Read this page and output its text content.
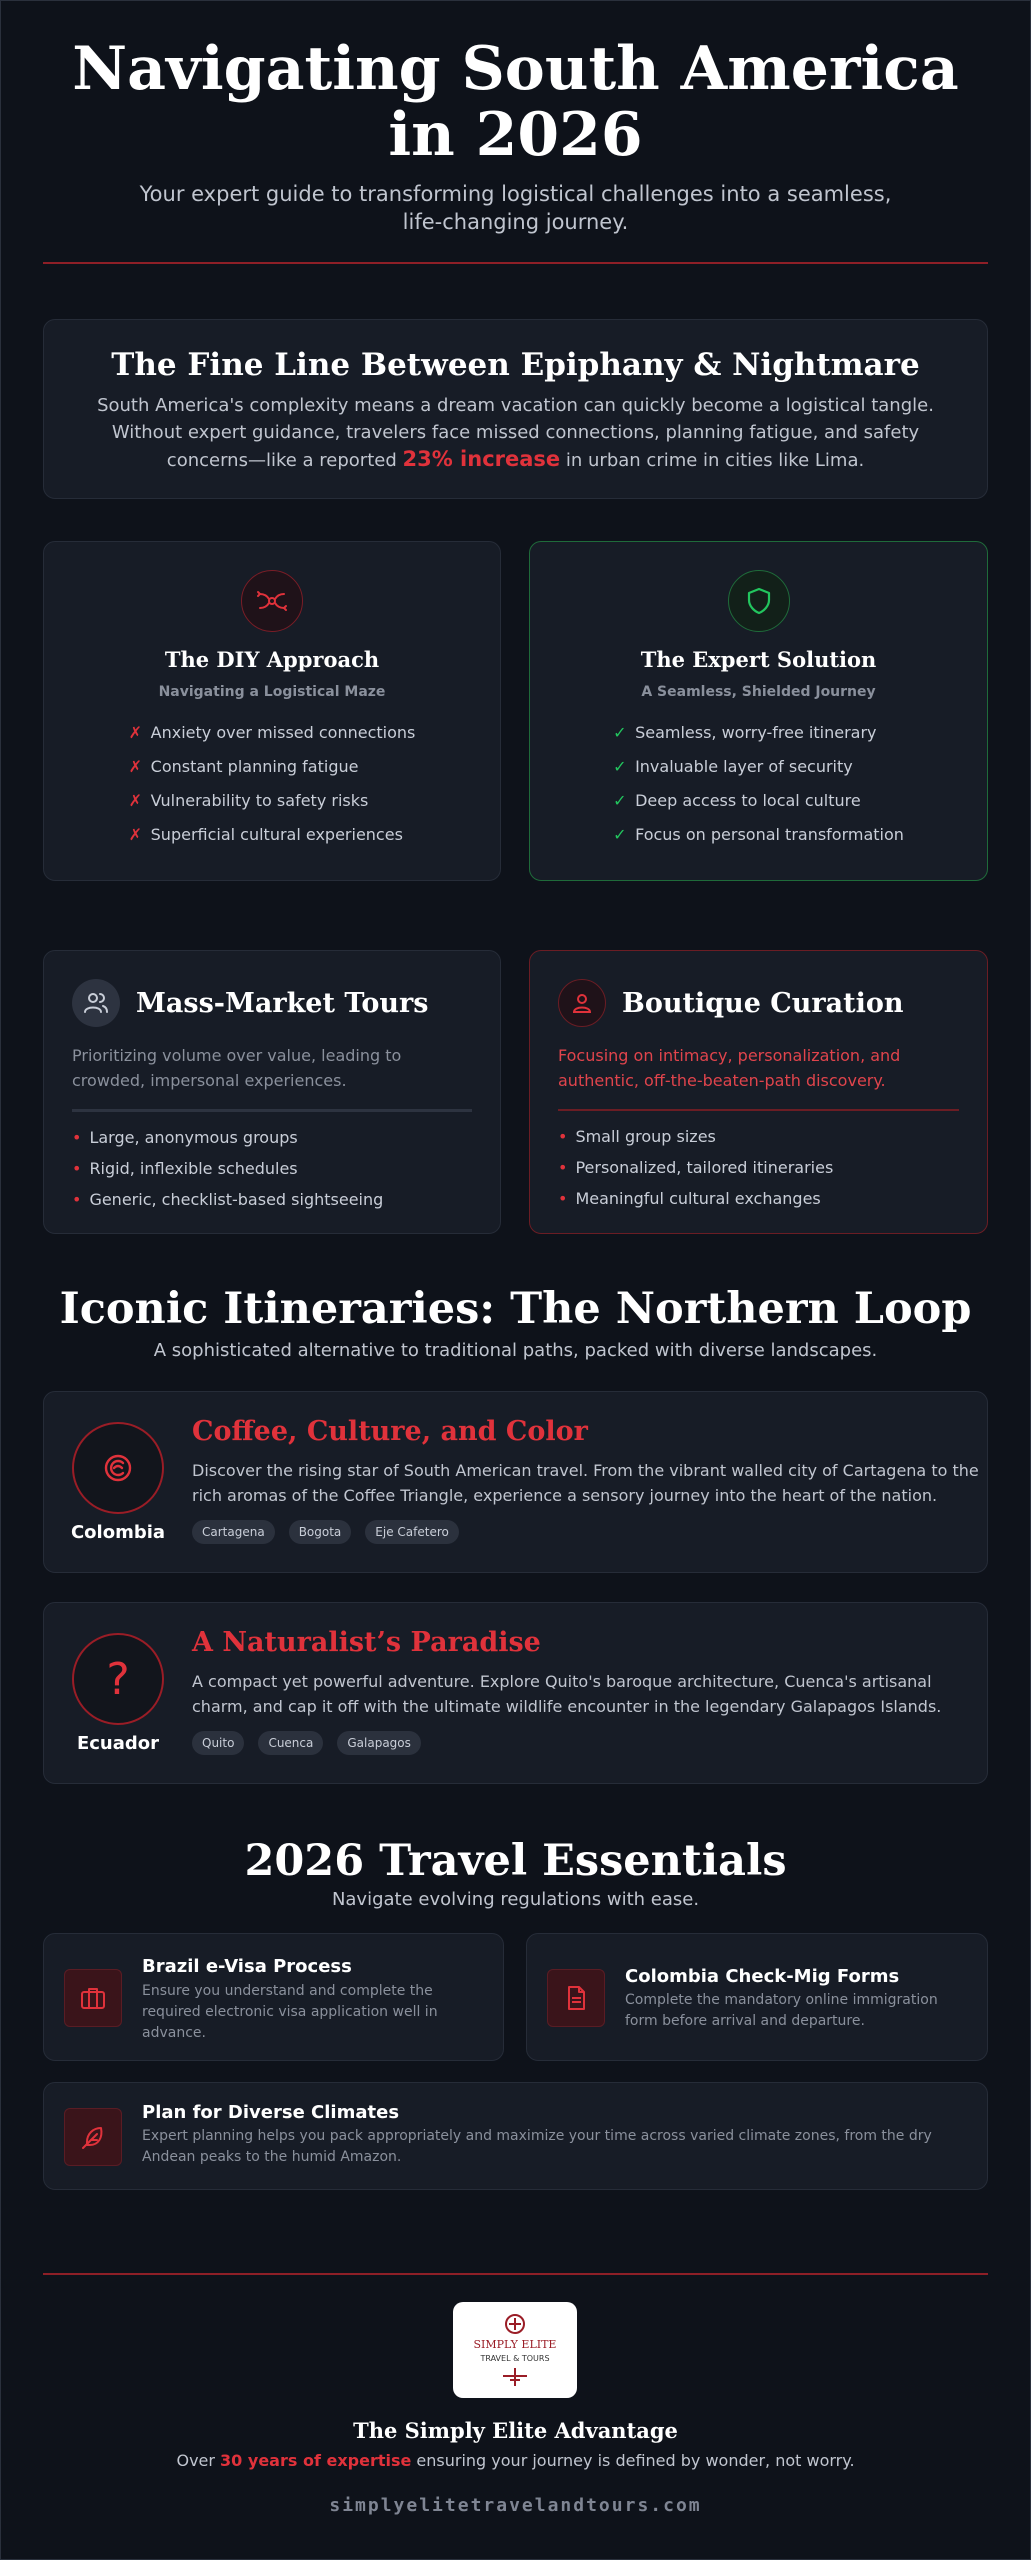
Navigating South America in 2026

Your expert guide to transforming logistical challenges into a seamless, life-changing journey.

The Fine Line Between Epiphany & Nightmare

South America's complexity means a dream vacation can quickly become a logistical tangle. Without expert guidance, travelers face missed connections, planning fatigue, and safety concerns—like a reported 23% increase in urban crime in cities like Lima.

The DIY Approach
Navigating a Logistical Maze
✗ Anxiety over missed connections
✗ Constant planning fatigue
✗ Vulnerability to safety risks
✗ Superficial cultural experiences
The Expert Solution
A Seamless, Shielded Journey
✓ Seamless, worry-free itinerary
✓ Invaluable layer of security
✓ Deep access to local culture
✓ Focus on personal transformation
Mass-Market Tours

Prioritizing volume over value, leading to crowded, impersonal experiences.

• Large, anonymous groups
• Rigid, inflexible schedules
• Generic, checklist-based sightseeing
Boutique Curation

Focusing on intimacy, personalization, and authentic, off-the-beaten-path discovery.

• Small group sizes
• Personalized, tailored itineraries
• Meaningful cultural exchanges
Iconic Itineraries: The Northern Loop

A sophisticated alternative to traditional paths, packed with diverse landscapes.

Colombia
Coffee, Culture, and Color

Discover the rising star of South American travel. From the vibrant walled city of Cartagena to the rich aromas of the Coffee Triangle, experience a sensory journey into the heart of the nation.

Cartagena	Bogota	Eje Cafetero
?
Ecuador
A Naturalist’s Paradise

A compact yet powerful adventure. Explore Quito's baroque architecture, Cuenca's artisanal charm, and cap it off with the ultimate wildlife encounter in the legendary Galapagos Islands.

Quito	Cuenca	Galapagos
2026 Travel Essentials

Navigate evolving regulations with ease.

Brazil e-Visa Process
Ensure you understand and complete the required electronic visa application well in advance.
Colombia Check-Mig Forms
Complete the mandatory online immigration form before arrival and departure.
Plan for Diverse Climates
Expert planning helps you pack appropriately and maximize your time across varied climate zones, from the dry Andean peaks to the humid Amazon.
SIMPLY ELITE
TRAVEL & TOURS
The Simply Elite Advantage

Over 30 years of expertise ensuring your journey is defined by wonder, not worry.

simplyelitetravelandtours.com
